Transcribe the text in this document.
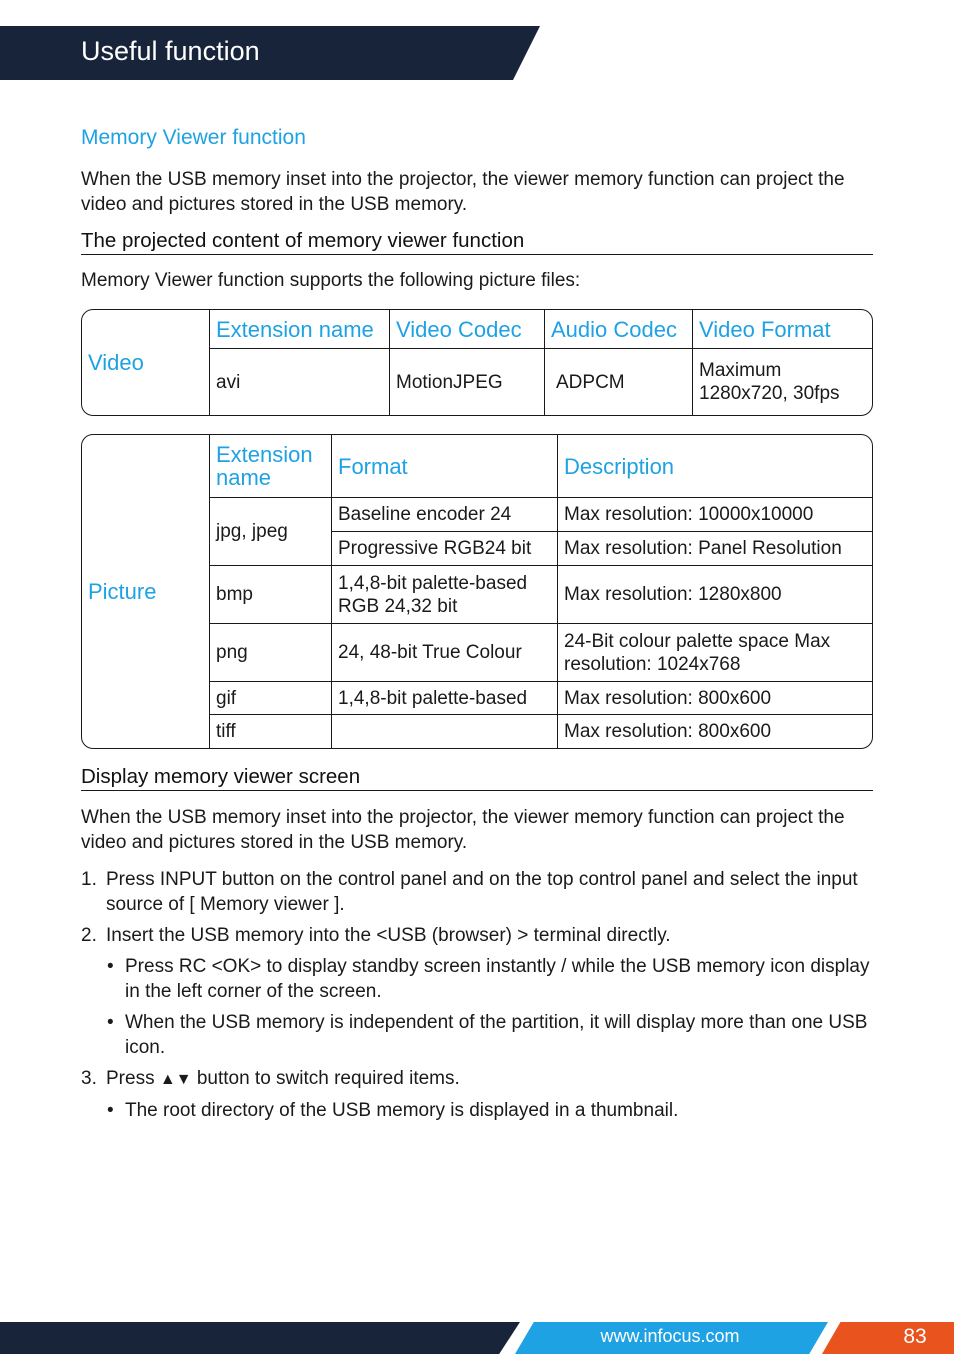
Useful function
Memory Viewer function
When the USB memory inset into the projector, the viewer memory function can project the video and pictures stored in the USB memory.
The projected content of memory viewer function
Memory Viewer function supports the following picture files:
Video	Extension name	Video Codec	Audio Codec	Video Format
	avi	MotionJPEG	ADPCM	Maximum 1280x720, 30fps
Picture	Extension name	Format	Description
	jpg, jpeg	Baseline encoder 24	Max resolution: 10000x10000
		Progressive RGB24 bit	Max resolution: Panel Resolution
	bmp	1,4,8-bit palette-based RGB 24,32 bit	Max resolution: 1280x800
	png	24, 48-bit True Colour	24-Bit colour palette space Max resolution: 1024x768
	gif	1,4,8-bit palette-based	Max resolution: 800x600
	tiff		Max resolution: 800x600
Display memory viewer screen
When the USB memory inset into the projector, the viewer memory function can project the video and pictures stored in the USB memory.
1. Press INPUT button on the control panel and on the top control panel and select the input source of [ Memory viewer ].
2. Insert the USB memory into the <USB (browser) > terminal directly.
• Press RC <OK> to display standby screen instantly / while the USB memory icon display in the left corner of the screen.
• When the USB memory is independent of the partition, it will display more than one USB icon.
3. Press ▲▼ button to switch required items.
• The root directory of the USB memory is displayed in a thumbnail.
www.infocus.com	83
